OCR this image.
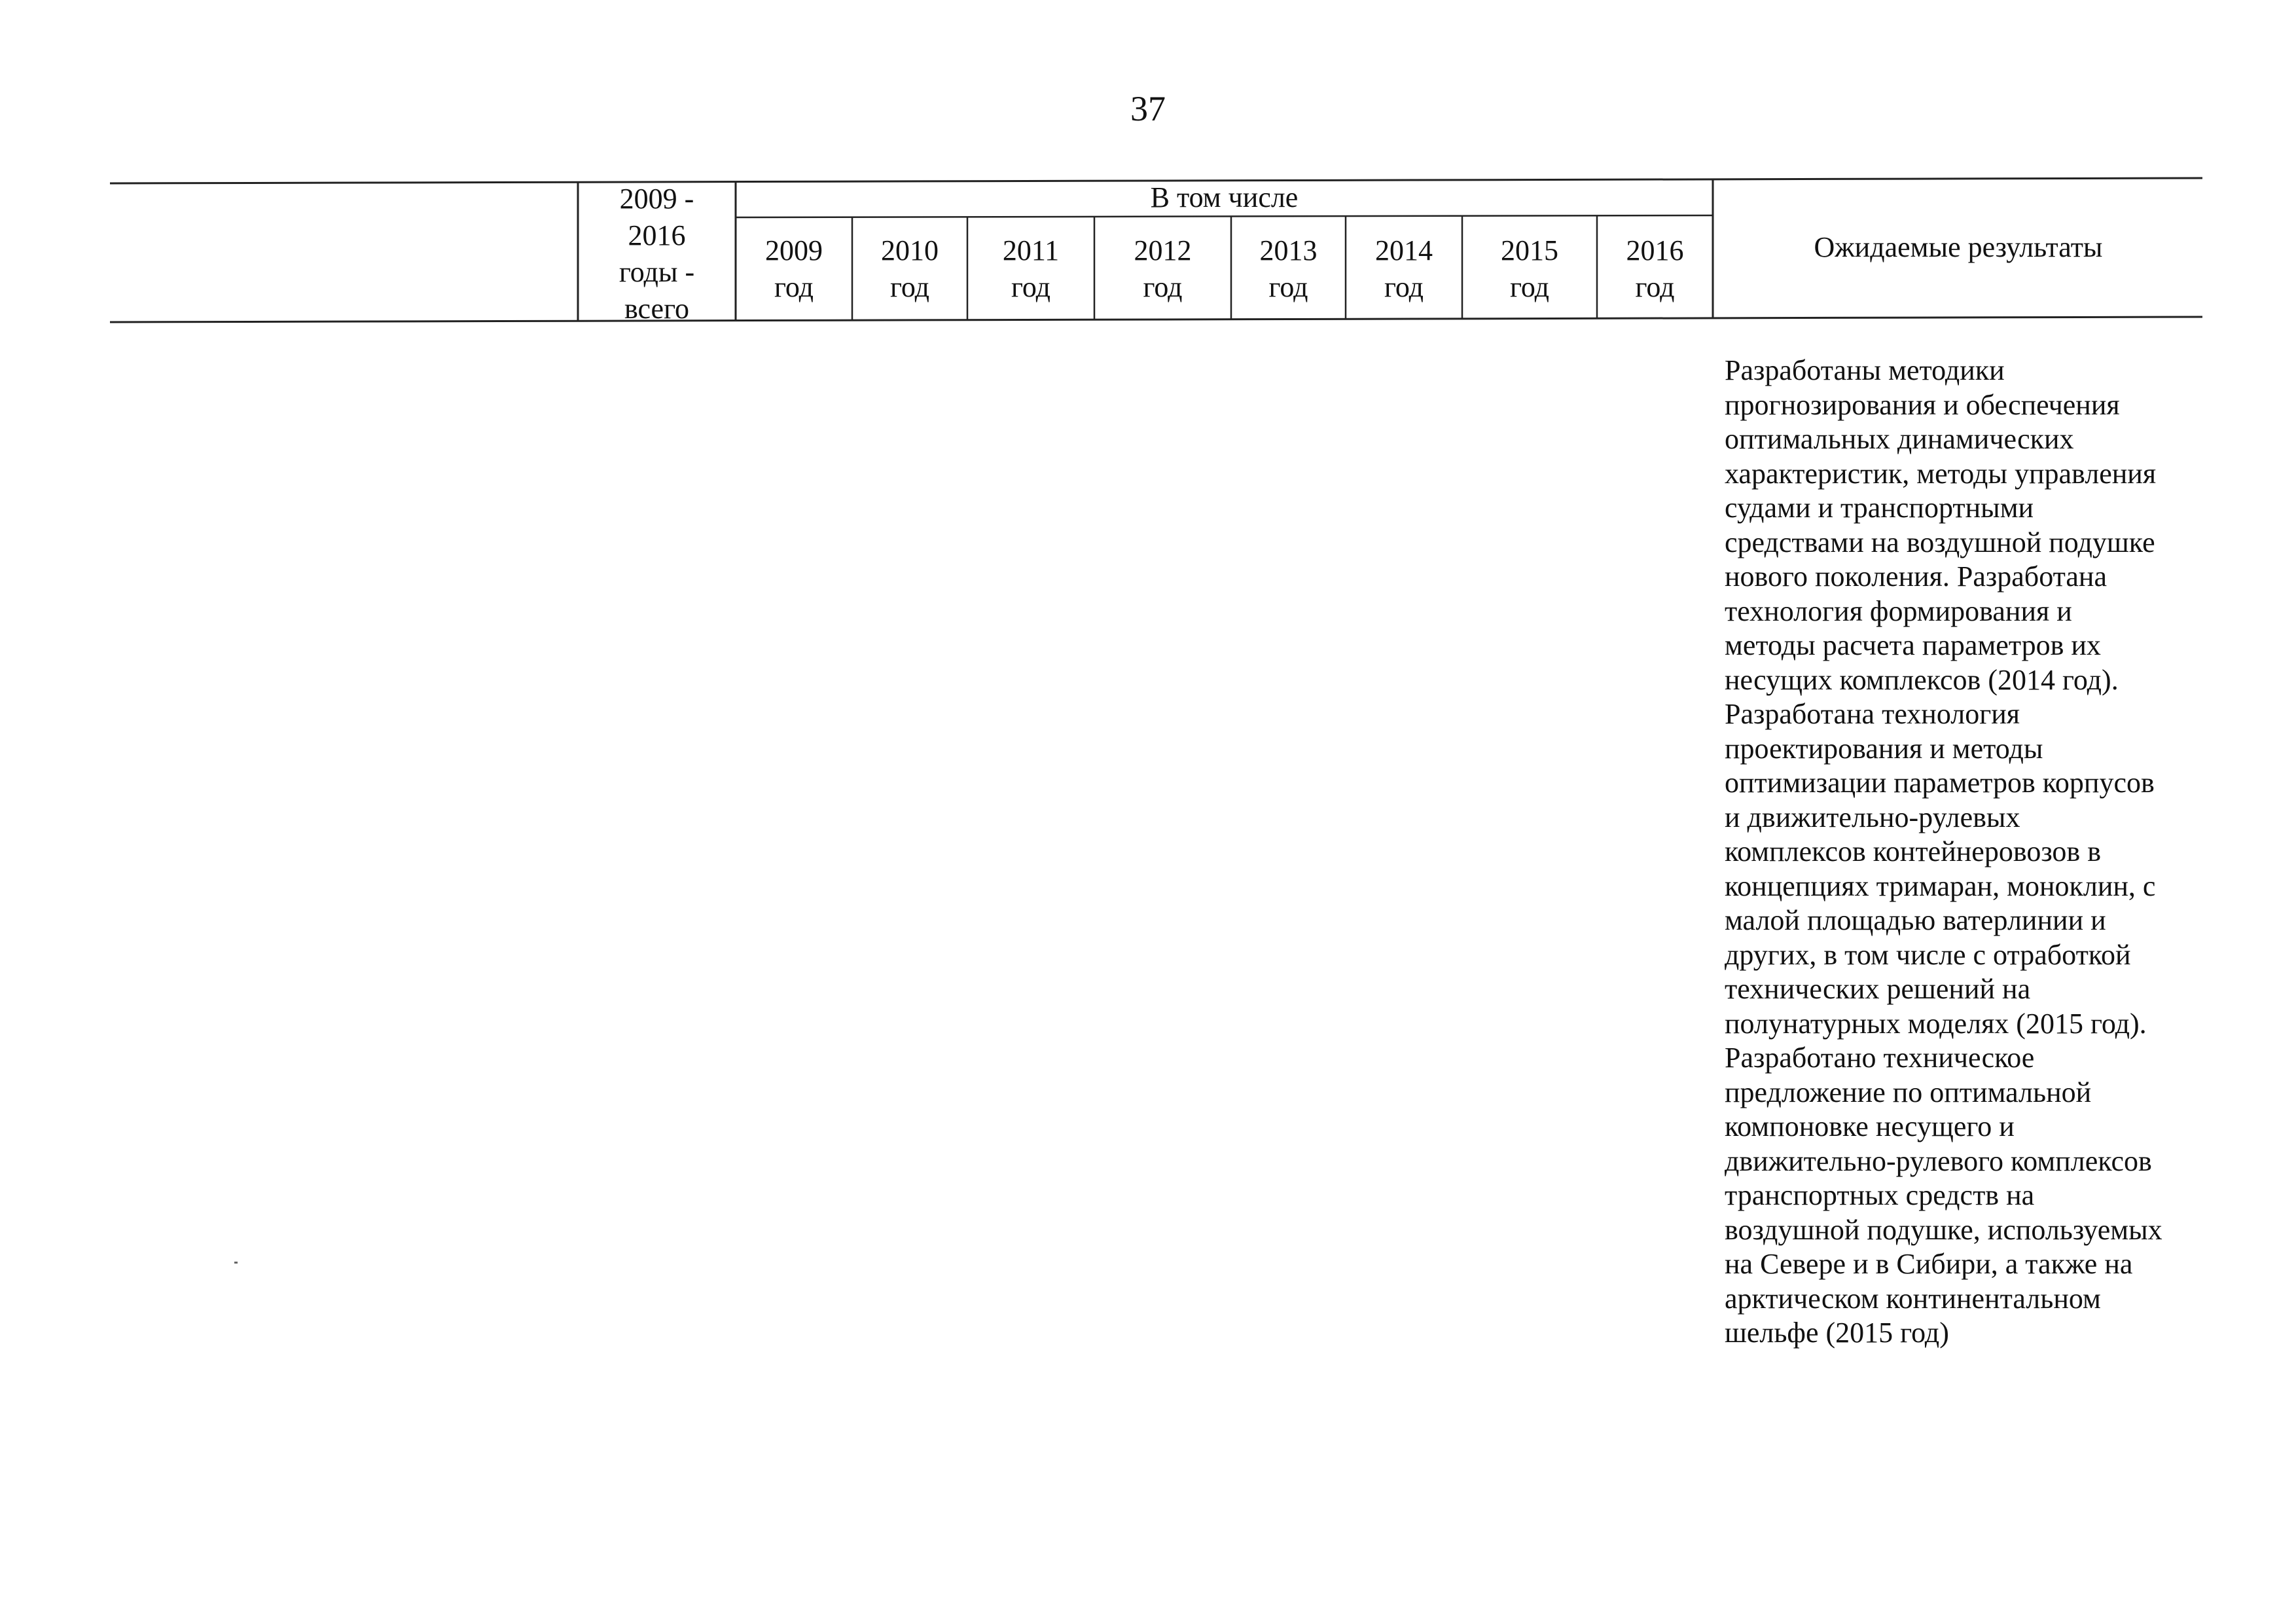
37
2009 -
2016
годы -
всего
В том числе
2009
год
2010
год
2011
год
2012
год
2013
год
2014
год
2015
год
2016
год
Ожидаемые результаты
Разработаны методики
прогнозирования и обеспечения
оптимальных динамических
характеристик, методы управления
судами и транспортными
средствами на воздушной подушке
нового поколения. Разработана
технология формирования и
методы расчета параметров их
несущих комплексов (2014 год).
Разработана технология
проектирования и методы
оптимизации параметров корпусов
и движительно-рулевых
комплексов контейнеровозов в
концепциях тримаран, моноклин, с
малой площадью ватерлинии и
других, в том числе с отработкой
технических решений на
полунатурных моделях (2015 год).
Разработано техническое
предложение по оптимальной
компоновке несущего и
движительно-рулевого комплексов
транспортных средств на
воздушной подушке, используемых
на Севере и в Сибири, а также на
арктическом континентальном
шельфе (2015 год)
